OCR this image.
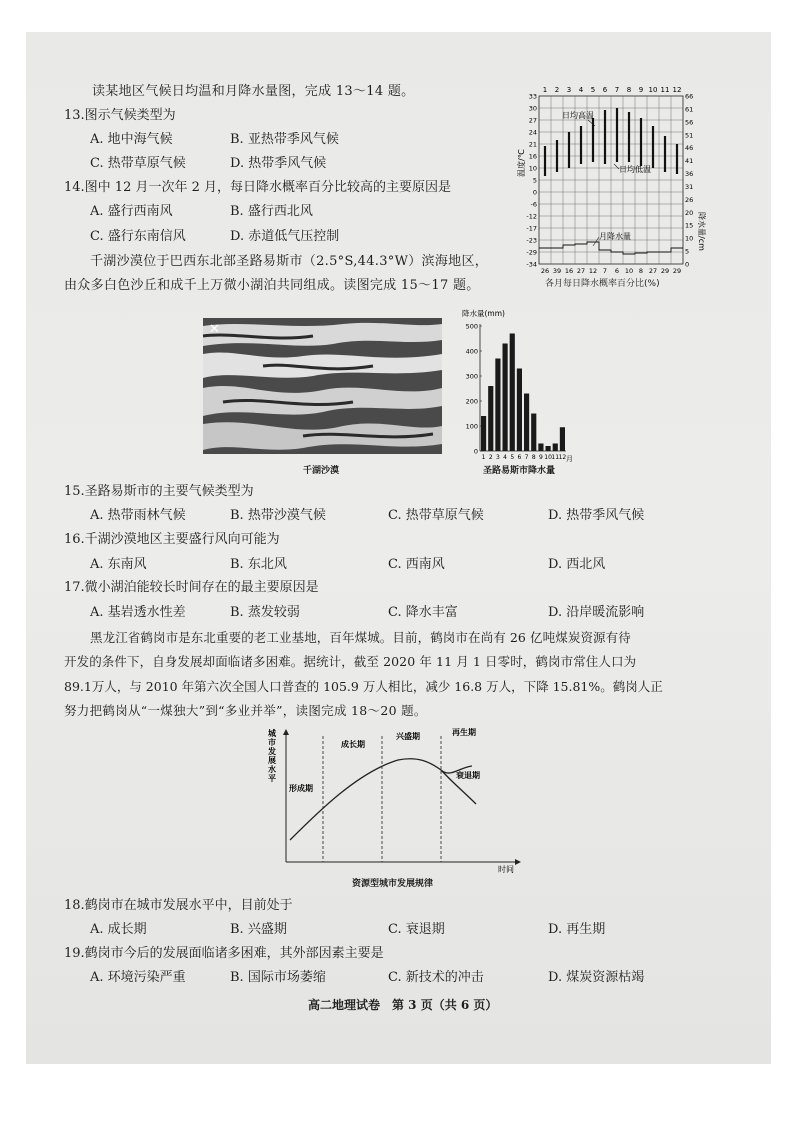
读某地区气候日均温和月降水量图，完成 13～14 题。
13.图示气候类型为
A. 地中海气候	B. 亚热带季风气候
C. 热带草原气候	D. 热带季风气候
14.图中 12 月一次年 2 月，每日降水概率百分比较高的主要原因是
A. 盛行西南风	B. 盛行西北风
C. 盛行东南信风	D. 赤道低气压控制
千湖沙漠位于巴西东北部圣路易斯市（2.5°S,44.3°W）滨海地区，
由众多白色沙丘和成千上万微小湖泊共同组成。读图完成 15～17 题。
1 2 3 4 5 6 7 8 9 10 11 12
33
30
27
24
21
16
10
5
0
-6
-12
-17
-23
-29
-34
66
61
56
51
46
41
36
31
26
20
15
10
5
0
26 39 16 27 12 7 6 10 8 27 29 29
温度/℃
降水量/cm
日均高温
日均低温
月降水量
各月每日降水概率百分比(%)
✕
千湖沙漠
降水量(mm)
500
400
300
200
100
0
1 2 3 4 5 6 7 8 9 10 11 12 月
圣路易斯市降水量
15.圣路易斯市的主要气候类型为
A. 热带雨林气候	B. 热带沙漠气候	C. 热带草原气候	D. 热带季风气候
16.千湖沙漠地区主要盛行风向可能为
A. 东南风	B. 东北风	C. 西南风	D. 西北风
17.微小湖泊能较长时间存在的最主要原因是
A. 基岩透水性差	B. 蒸发较弱	C. 降水丰富	D. 沿岸暖流影响
黑龙江省鹤岗市是东北重要的老工业基地，百年煤城。目前，鹤岗市在尚有 26 亿吨煤炭资源有待
开发的条件下，自身发展却面临诸多困难。据统计，截至 2020 年 11 月 1 日零时，鹤岗市常住人口为
89.1万人，与 2010 年第六次全国人口普查的 105.9 万人相比，减少 16.8 万人，下降 15.81%。鹤岗人正
努力把鹤岗从“一煤独大”到“多业并举”，读图完成 18～20 题。
城
市
发
展
水
平
形成期
成长期
兴盛期	再生期
衰退期
时间
资源型城市发展规律
18.鹤岗市在城市发展水平中，目前处于
A. 成长期	B. 兴盛期	C. 衰退期	D. 再生期
19.鹤岗市今后的发展面临诸多困难，其外部因素主要是
A. 环境污染严重	B. 国际市场萎缩	C. 新技术的冲击	D. 煤炭资源枯竭
高二地理试卷　第 3 页（共 6 页）
